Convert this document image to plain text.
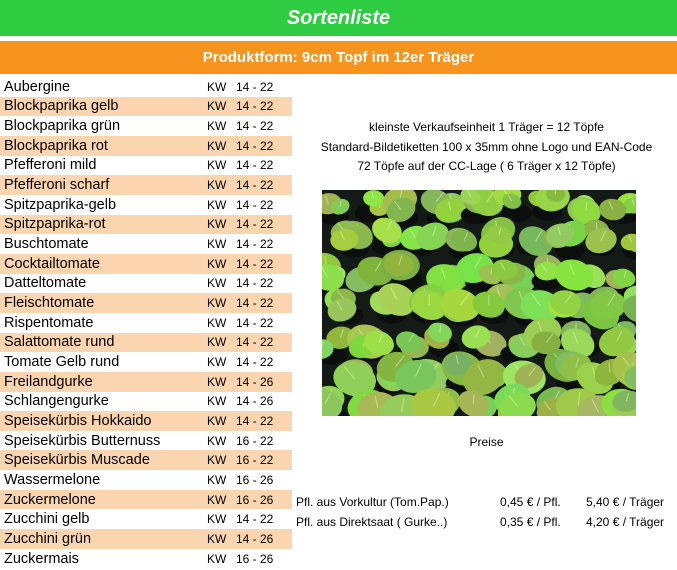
Sortenliste
Produktform: 9cm Topf im 12er Träger
Aubergine	KW 14 - 22
Blockpaprika gelb	KW 14 - 22
Blockpaprika grün	KW 14 - 22
Blockpaprika rot	KW 14 - 22
Pfefferoni mild	KW 14 - 22
Pfefferoni scharf	KW 14 - 22
Spitzpaprika-gelb	KW 14 - 22
Spitzpaprika-rot	KW 14 - 22
Buschtomate	KW 14 - 22
Cocktailtomate	KW 14 - 22
Datteltomate	KW 14 - 22
Fleischtomate	KW 14 - 22
Rispentomate	KW 14 - 22
Salattomate rund	KW 14 - 22
Tomate Gelb rund	KW 14 - 22
Freilandgurke	KW 14 - 26
Schlangengurke	KW 14 - 26
Speisekürbis Hokkaido	KW 14 - 22
Speisekürbis Butternuss	KW 16 - 22
Speisekürbis Muscade	KW 16 - 22
Wassermelone	KW 16 - 26
Zuckermelone	KW 16 - 26
Zucchini gelb	KW 14 - 22
Zucchini grün	KW 14 - 26
Zuckermais	KW 16 - 26
kleinste Verkaufseinheit 1 Träger = 12 Töpfe
Standard-Bildetiketten 100 x 35mm ohne Logo und EAN-Code
72 Töpfe auf der CC-Lage ( 6 Träger x 12 Töpfe)
Preise
Pfl. aus Vorkultur (Tom.Pap.)	0,45 € / Pfl. 5,40 € / Träger
Pfl. aus Direktsaat ( Gurke..)	0,35 € / Pfl. 4,20 € / Träger
